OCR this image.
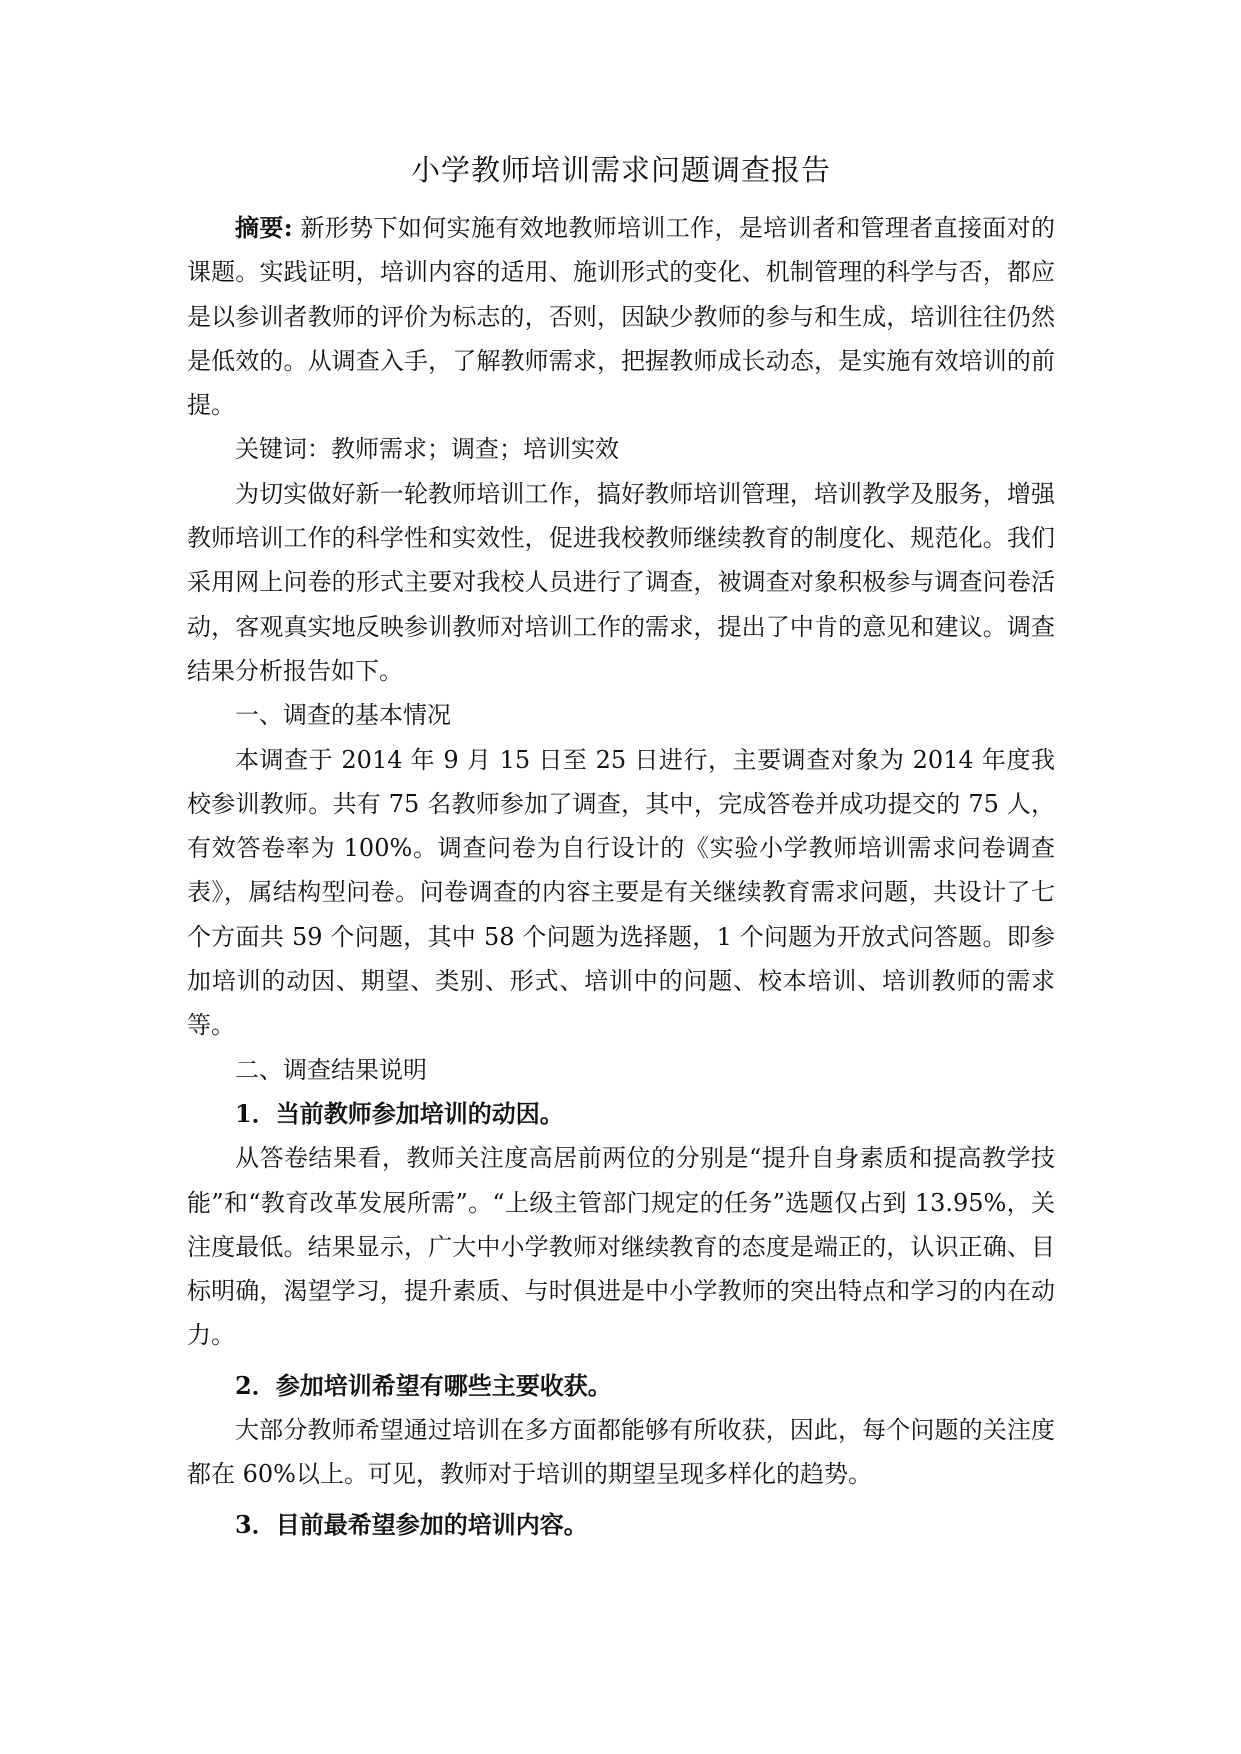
小学教师培训需求问题调查报告

摘要: 新形势下如何实施有效地教师培训工作，是培训者和管理者直接面对的课题。实践证明，培训内容的适用、施训形式的变化、机制管理的科学与否，都应是以参训者教师的评价为标志的，否则，因缺少教师的参与和生成，培训往往仍然是低效的。从调查入手，了解教师需求，把握教师成长动态，是实施有效培训的前提。

关键词：教师需求；调查；培训实效

为切实做好新一轮教师培训工作，搞好教师培训管理，培训教学及服务，增强教师培训工作的科学性和实效性，促进我校教师继续教育的制度化、规范化。我们采用网上问卷的形式主要对我校人员进行了调查，被调查对象积极参与调查问卷活动，客观真实地反映参训教师对培训工作的需求，提出了中肯的意见和建议。调查结果分析报告如下。

一、调查的基本情况

本调查于 2014 年 9 月 15 日至 25 日进行，主要调查对象为 2014 年度我校参训教师。共有 75 名教师参加了调查，其中，完成答卷并成功提交的 75 人，有效答卷率为 100%。调查问卷为自行设计的《实验小学教师培训需求问卷调查表》，属结构型问卷。问卷调查的内容主要是有关继续教育需求问题，共设计了七个方面共 59 个问题，其中 58 个问题为选择题，1 个问题为开放式问答题。即参加培训的动因、期望、类别、形式、培训中的问题、校本培训、培训教师的需求等。

二、调查结果说明
1．当前教师参加培训的动因。

从答卷结果看，教师关注度高居前两位的分别是“提升自身素质和提高教学技能”和“教育改革发展所需”。“上级主管部门规定的任务”选题仅占到 13.95%，关注度最低。结果显示，广大中小学教师对继续教育的态度是端正的，认识正确、目标明确，渴望学习，提升素质、与时俱进是中小学教师的突出特点和学习的内在动力。

2．参加培训希望有哪些主要收获。

大部分教师希望通过培训在多方面都能够有所收获，因此，每个问题的关注度都在 60%以上。可见，教师对于培训的期望呈现多样化的趋势。

3．目前最希望参加的培训内容。
